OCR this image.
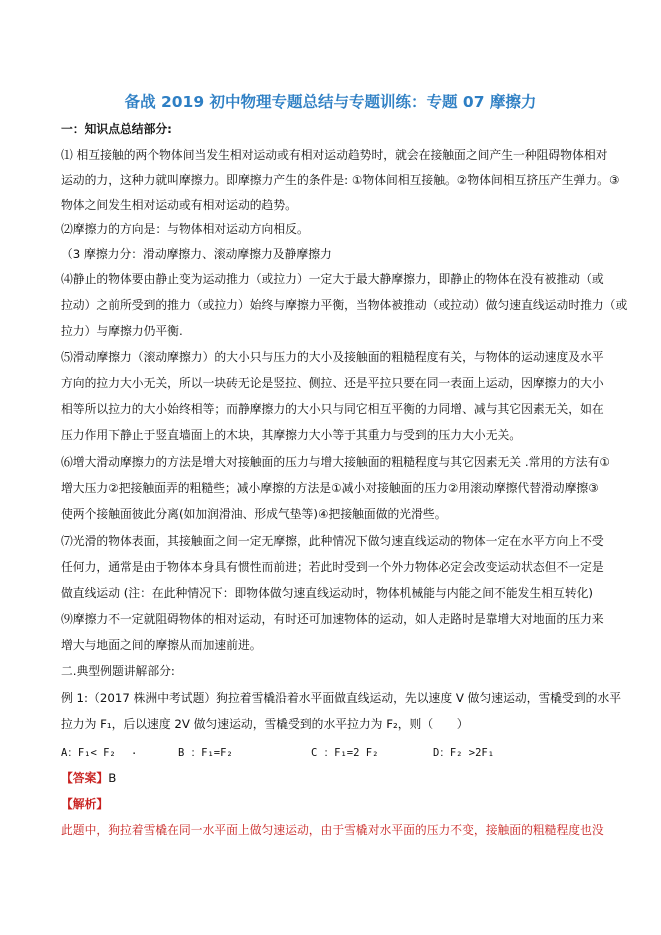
备战 2019 初中物理专题总结与专题训练：专题 07 摩擦力
一：知识点总结部分:
⑴ 相互接触的两个物体间当发生相对运动或有相对运动趋势时，就会在接触面之间产生一种阻碍物体相对
运动的力，这种力就叫摩擦力。即摩擦力产生的条件是: ①物体间相互接触。②物体间相互挤压产生弹力。③
物体之间发生相对运动或有相对运动的趋势。
⑵摩擦力的方向是：与物体相对运动方向相反。
（3 摩擦力分：滑动摩擦力、滚动摩擦力及静摩擦力
⑷静止的物体要由静止变为运动推力（或拉力）一定大于最大静摩擦力，即静止的物体在没有被推动（或
拉动）之前所受到的推力（或拉力）始终与摩擦力平衡，当物体被推动（或拉动）做匀速直线运动时推力（或
拉力）与摩擦力仍平衡.
⑸滑动摩擦力（滚动摩擦力）的大小只与压力的大小及接触面的粗糙程度有关，与物体的运动速度及水平
方向的拉力大小无关，所以一块砖无论是竖拉、侧拉、还是平拉只要在同一表面上运动，因摩擦力的大小
相等所以拉力的大小始终相等；而静摩擦力的大小只与同它相互平衡的力同增、减与其它因素无关，如在
压力作用下静止于竖直墙面上的木块，其摩擦力大小等于其重力与受到的压力大小无关。
⑹增大滑动摩擦力的方法是增大对接触面的压力与增大接触面的粗糙程度与其它因素无关 .常用的方法有①
增大压力②把接触面弄的粗糙些；减小摩擦的方法是①减小对接触面的压力②用滚动摩擦代替滑动摩擦③
使两个接触面彼此分离(如加润滑油、形成气垫等)④把接触面做的光滑些。
⑺光滑的物体表面，其接触面之间一定无摩擦，此种情况下做匀速直线运动的物体一定在水平方向上不受
任何力，通常是由于物体本身具有惯性而前进；若此时受到一个外力物体必定会改变运动状态但不一定是
做直线运动 (注：在此种情况下：即物体做匀速直线运动时，物体机械能与内能之间不能发生相互转化)
⑼摩擦力不一定就阻碍物体的相对运动，有时还可加速物体的运动，如人走路时是靠增大对地面的压力来
增大与地面之间的摩擦从而加速前进。
二.典型例题讲解部分:
例 1:（2017 株洲中考试题）狗拉着雪橇沿着水平面做直线运动，先以速度 V 做匀速运动，雪橇受到的水平
拉力为 F₁，后以速度 2V 做匀速运动，雪橇受到的水平拉力为 F₂，则（　　）
A：F₁< F₂ .	B ：F₁=F₂	C ：F₁=2 F₂	D：F₂ >2F₁
【答案】B
【解析】
此题中，狗拉着雪橇在同一水平面上做匀速运动，由于雪橇对水平面的压力不变，接触面的粗糙程度也没
